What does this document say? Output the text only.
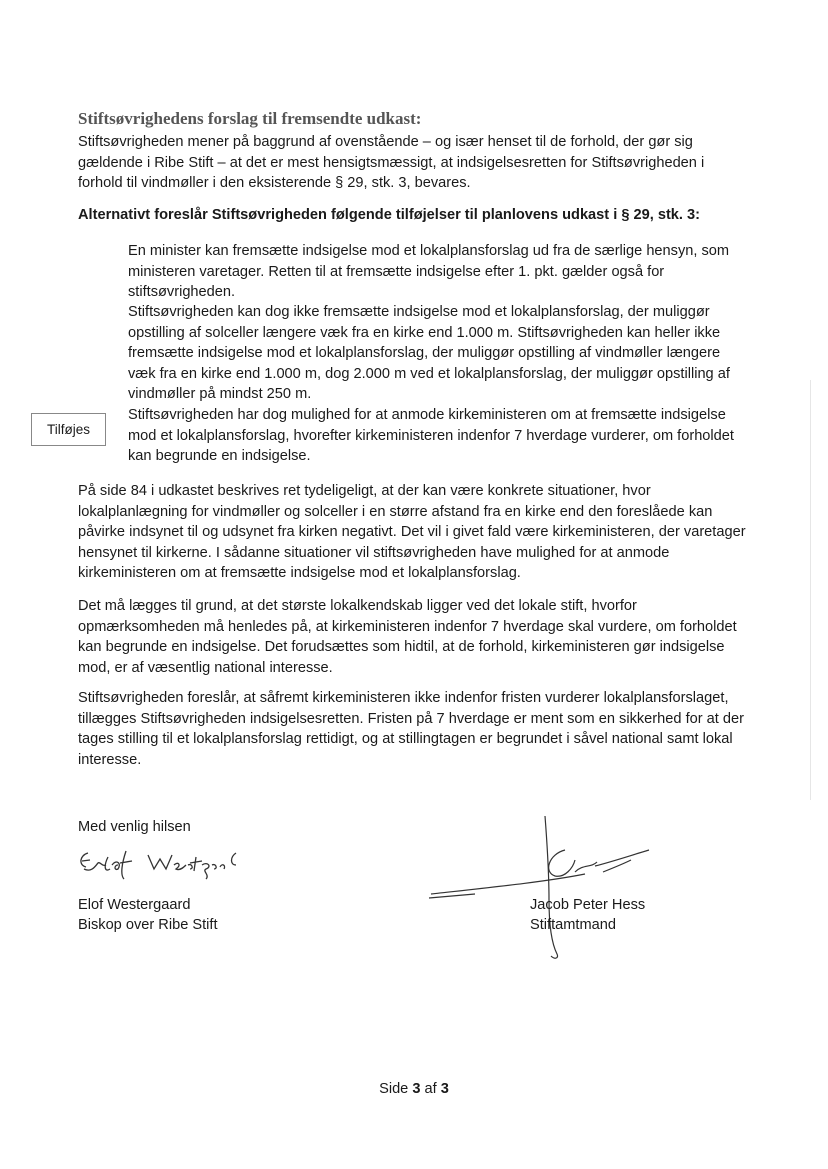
Stiftsøvrighedens forslag til fremsendte udkast:

Stiftsøvrigheden mener på baggrund af ovenstående – og især henset til de forhold, der gør sig gældende i Ribe Stift – at det er mest hensigtsmæssigt, at indsigelsesretten for Stiftsøvrigheden i forhold til vindmøller i den eksisterende § 29, stk. 3, bevares.

Alternativt foreslår Stiftsøvrigheden følgende tilføjelser til planlovens udkast i § 29, stk. 3:

En minister kan fremsætte indsigelse mod et lokalplansforslag ud fra de særlige hensyn, som ministeren varetager. Retten til at fremsætte indsigelse efter 1. pkt. gælder også for stiftsøvrigheden.

Stiftsøvrigheden kan dog ikke fremsætte indsigelse mod et lokalplansforslag, der muliggør opstilling af solceller længere væk fra en kirke end 1.000 m. Stiftsøvrigheden kan heller ikke fremsætte indsigelse mod et lokalplansforslag, der muliggør opstilling af vindmøller længere væk fra en kirke end 1.000 m, dog 2.000 m ved et lokalplansforslag, der muliggør opstilling af vindmøller på mindst 250 m.

Stiftsøvrigheden har dog mulighed for at anmode kirkeministeren om at fremsætte indsigelse mod et lokalplansforslag, hvorefter kirkeministeren indenfor 7 hverdage vurderer, om forholdet kan begrunde en indsigelse.

Tilføjes

På side 84 i udkastet beskrives ret tydeligeligt, at der kan være konkrete situationer, hvor lokalplanlægning for vindmøller og solceller i en større afstand fra en kirke end den foreslåede kan påvirke indsynet til og udsynet fra kirken negativt. Det vil i givet fald være kirkeministeren, der varetager hensynet til kirkerne. I sådanne situationer vil stiftsøvrigheden have mulighed for at anmode kirkeministeren om at fremsætte indsigelse mod et lokalplansforslag.

Det må lægges til grund, at det største lokalkendskab ligger ved det lokale stift, hvorfor opmærksomheden må henledes på, at kirkeministeren indenfor 7 hverdage skal vurdere, om forholdet kan begrunde en indsigelse. Det forudsættes som hidtil, at de forhold, kirkeministeren gør indsigelse mod, er af væsentlig national interesse.

Stiftsøvrigheden foreslår, at såfremt kirkeministeren ikke indenfor fristen vurderer lokalplansforslaget, tillægges Stiftsøvrigheden indsigelsesretten. Fristen på 7 hverdage er ment som en sikkerhed for at der tages stilling til et lokalplansforslag rettidigt, og at stillingtagen er begrundet i såvel national samt lokal interesse.

Med venlig hilsen

Elof Westergaard

Biskop over Ribe Stift

Jacob Peter Hess

Stiftamtmand

Side 3 af 3
